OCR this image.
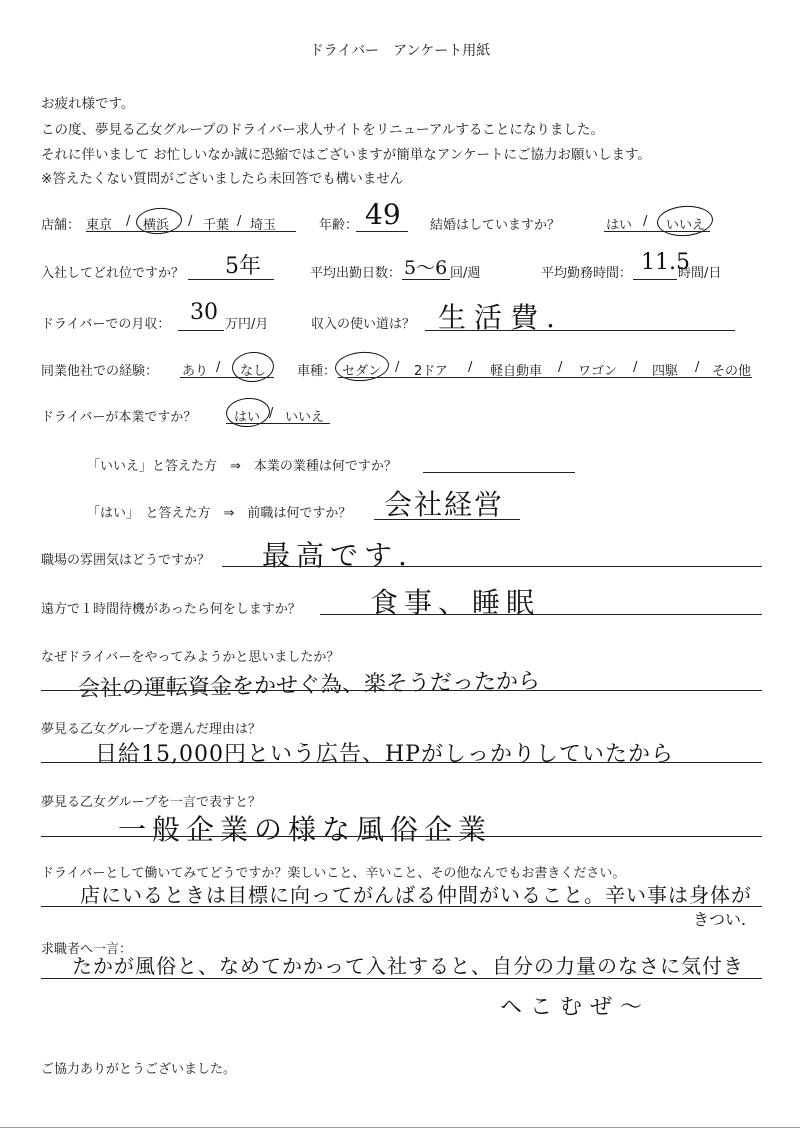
ドライバー　アンケート用紙
お疲れ様です。
この度、夢見る乙女グループのドライバー求人サイトをリニューアルすることになりました。
それに伴いまして お忙しいなか誠に恐縮ではございますが簡単なアンケートにご協力お願いします。
※答えたくない質問がございましたら未回答でも構いません
店舗： 東京 / 横浜 / 千葉 / 埼玉	年齢： 49 結婚はしていますか？	はい / いいえ
入社してどれ位ですか？ 5年	平均出勤日数： 5〜6 回/週	平均勤務時間： 11.5
時間/日
ドライバーでの月収： 30 万円/月	収入の使い道は？ 生活費.
同業他社での経験： あり / なし 車種： セダン / 2ドア / 軽自動車 / ワゴン / 四駆 / その他
ドライバーが本業ですか？	はい / いいえ
「いいえ」と答えた方　⇒　本業の業種は何ですか？
「はい」　と答えた方　⇒　前職は何ですか？ 会社経営
職場の雰囲気はどうですか？ 最高です.
遠方で１時間待機があったら何をしますか？ 食事、睡眠
なぜドライバーをやってみようかと思いましたか？
会社の運転資金をかせぐ為、楽そうだったから
夢見る乙女グループを選んだ理由は？
日給15,000円という広告、HPがしっかりしていたから
夢見る乙女グループを一言で表すと？
一般企業の様な風俗企業
ドライバーとして働いてみてどうですか？楽しいこと、辛いこと、その他なんでもお書きください。
店にいるときは目標に向ってがんばる仲間がいること。辛い事は身体が
きつい.
求職者へ一言：
たかが風俗と、なめてかかって入社すると、自分の力量のなさに気付き
ヘこむぜ〜
ご協力ありがとうございました。
